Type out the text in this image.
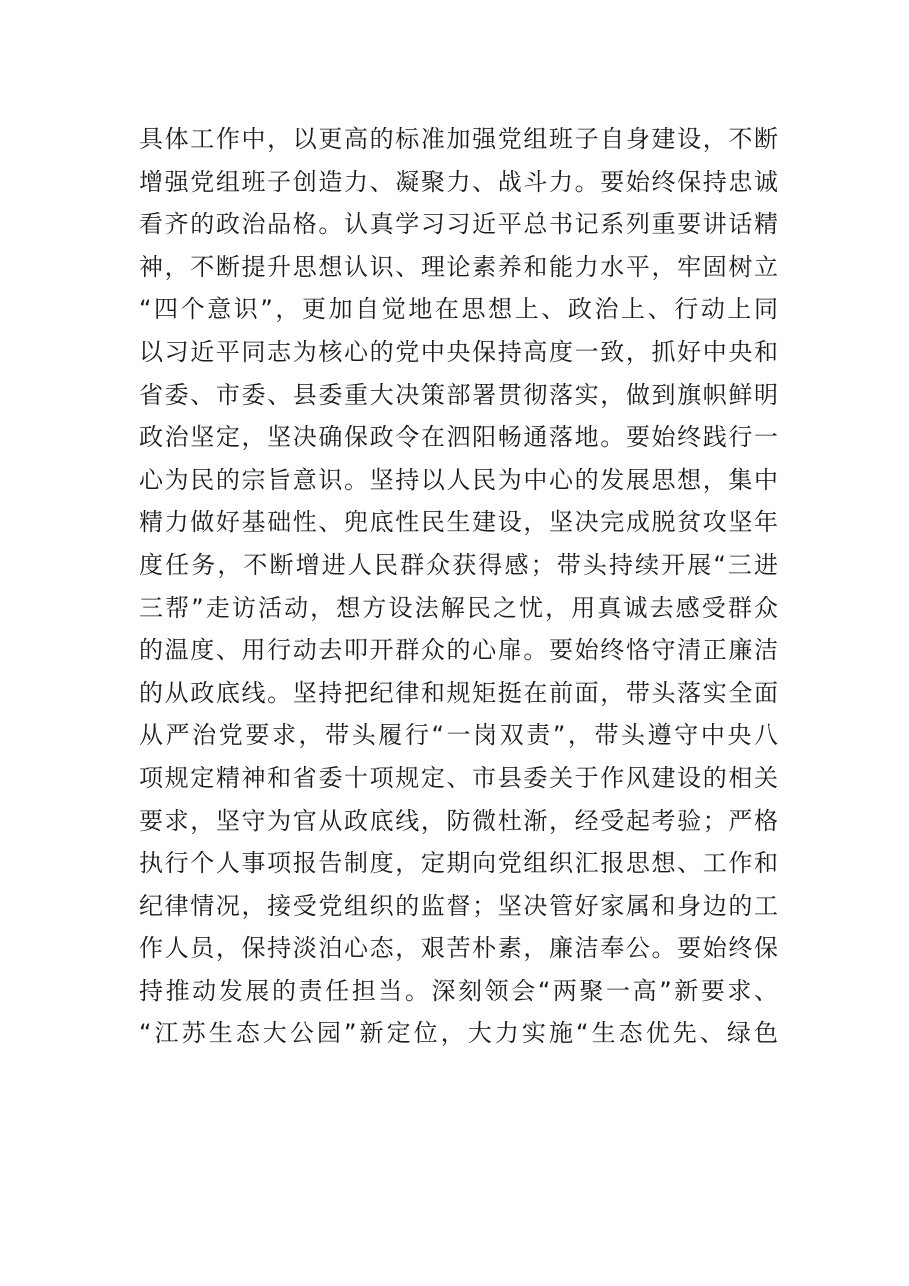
具体工作中，以更高的标准加强党组班子自身建设，不断
增强党组班子创造力、凝聚力、战斗力。要始终保持忠诚
看齐的政治品格。认真学习习近平总书记系列重要讲话精
神，不断提升思想认识、理论素养和能力水平，牢固树立
“四个意识”，更加自觉地在思想上、政治上、行动上同
以习近平同志为核心的党中央保持高度一致，抓好中央和
省委、市委、县委重大决策部署贯彻落实，做到旗帜鲜明
政治坚定，坚决确保政令在泗阳畅通落地。要始终践行一
心为民的宗旨意识。坚持以人民为中心的发展思想，集中
精力做好基础性、兜底性民生建设，坚决完成脱贫攻坚年
度任务，不断增进人民群众获得感；带头持续开展“三进
三帮”走访活动，想方设法解民之忧，用真诚去感受群众
的温度、用行动去叩开群众的心扉。要始终恪守清正廉洁
的从政底线。坚持把纪律和规矩挺在前面，带头落实全面
从严治党要求，带头履行“一岗双责”，带头遵守中央八
项规定精神和省委十项规定、市县委关于作风建设的相关
要求，坚守为官从政底线，防微杜渐，经受起考验；严格
执行个人事项报告制度，定期向党组织汇报思想、工作和
纪律情况，接受党组织的监督；坚决管好家属和身边的工
作人员，保持淡泊心态，艰苦朴素，廉洁奉公。要始终保
持推动发展的责任担当。深刻领会“两聚一高”新要求、
“江苏生态大公园”新定位，大力实施“生态优先、绿色
